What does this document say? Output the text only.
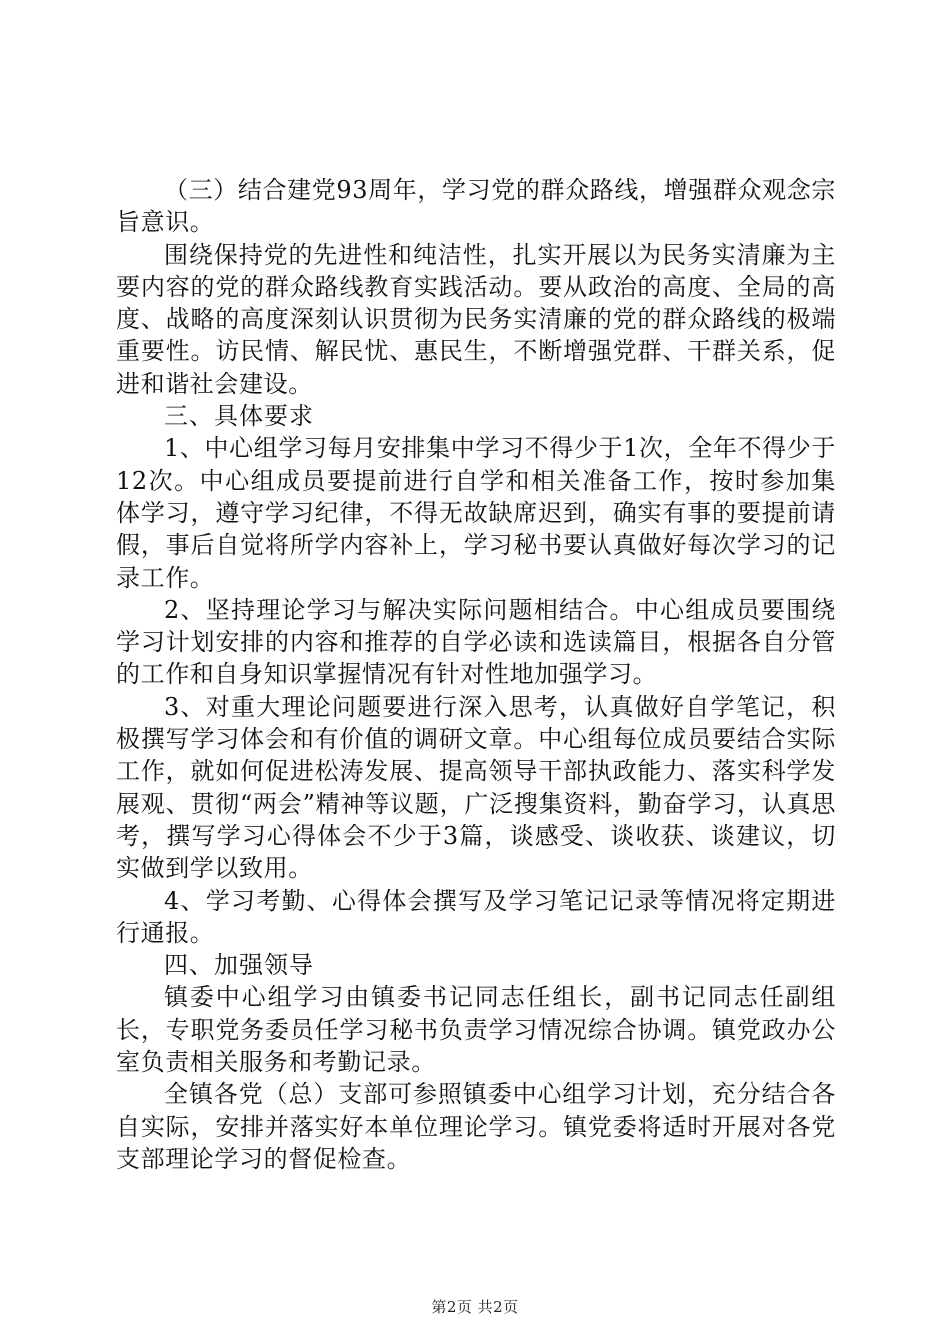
（三）结合建党93周年，学习党的群众路线，增强群众观念宗旨意识。

围绕保持党的先进性和纯洁性，扎实开展以为民务实清廉为主要内容的党的群众路线教育实践活动。要从政治的高度、全局的高度、战略的高度深刻认识贯彻为民务实清廉的党的群众路线的极端重要性。访民情、解民忧、惠民生，不断增强党群、干群关系，促进和谐社会建设。

三、具体要求

1、中心组学习每月安排集中学习不得少于1次，全年不得少于12次。中心组成员要提前进行自学和相关准备工作，按时参加集体学习，遵守学习纪律，不得无故缺席迟到，确实有事的要提前请假，事后自觉将所学内容补上，学习秘书要认真做好每次学习的记录工作。

2、坚持理论学习与解决实际问题相结合。中心组成员要围绕学习计划安排的内容和推荐的自学必读和选读篇目，根据各自分管的工作和自身知识掌握情况有针对性地加强学习。

3、对重大理论问题要进行深入思考，认真做好自学笔记，积极撰写学习体会和有价值的调研文章。中心组每位成员要结合实际工作，就如何促进松涛发展、提高领导干部执政能力、落实科学发展观、贯彻“两会”精神等议题，广泛搜集资料，勤奋学习，认真思考，撰写学习心得体会不少于3篇，谈感受、谈收获、谈建议，切实做到学以致用。

4、学习考勤、心得体会撰写及学习笔记记录等情况将定期进行通报。

四、加强领导

镇委中心组学习由镇委书记同志任组长，副书记同志任副组长，专职党务委员任学习秘书负责学习情况综合协调。镇党政办公室负责相关服务和考勤记录。

全镇各党（总）支部可参照镇委中心组学习计划，充分结合各自实际，安排并落实好本单位理论学习。镇党委将适时开展对各党支部理论学习的督促检查。

第2页 共2页
